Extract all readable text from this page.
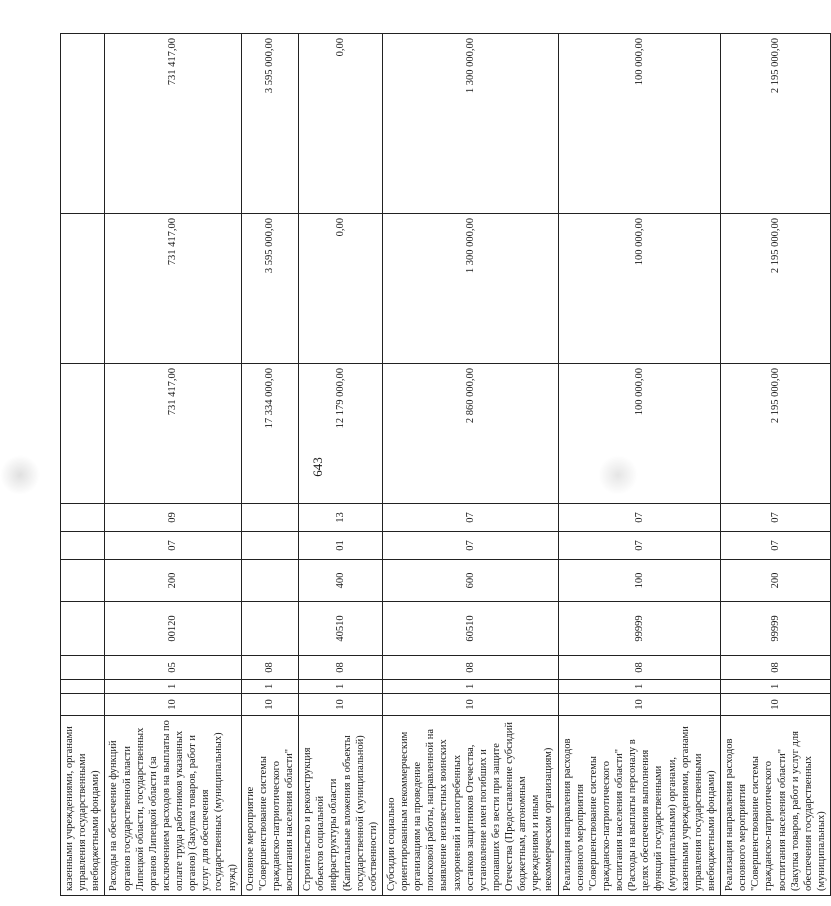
643
казенными учреждениями, органами управления государственными внебюджетными фондами)										
Расходы на обеспечение функций органов государственной власти Липецкой области, государственных органов Липецкой области (за исключением расходов на выплаты по оплате труда работников указанных органов) (Закупка товаров, работ и услуг для обеспечения государственных (муниципальных) нужд)	10	1	05	00120	200	07	09	731 417,00	731 417,00	731 417,00
Основное мероприятие "Совершенствование системы гражданско-патриотического воспитания населения области"	10	1	08					17 334 000,00	3 595 000,00	3 595 000,00
Строительство и реконструкция объектов социальной инфраструктуры области (Капитальные вложения в объекты государственной (муниципальной) собственности)	10	1	08	40510	400	01	13	12 179 000,00	0,00	0,00
Субсидии социально ориентированным некоммерческим организациям на проведение поисковой работы, направленной на выявление неизвестных воинских захоронений и непогребенных останков защитников Отечества, установление имен погибших и пропавших без вести при защите Отечества (Предоставление субсидий бюджетным, автономным учреждениям и иным некоммерческим организациям)	10	1	08	60510	600	07	07	2 860 000,00	1 300 000,00	1 300 000,00
Реализация направления расходов основного мероприятия "Совершенствование системы гражданско-патриотического воспитания населения области" (Расходы на выплаты персоналу в целях обеспечения выполнения функций государственными (муниципальными) органами, казенными учреждениями, органами управления государственными внебюджетными фондами)	10	1	08	99999	100	07	07	100 000,00	100 000,00	100 000,00
Реализация направления расходов основного мероприятия "Совершенствование системы гражданско-патриотического воспитания населения области" (Закупка товаров, работ и услуг для обеспечения государственных (муниципальных)	10	1	08	99999	200	07	07	2 195 000,00	2 195 000,00	2 195 000,00
